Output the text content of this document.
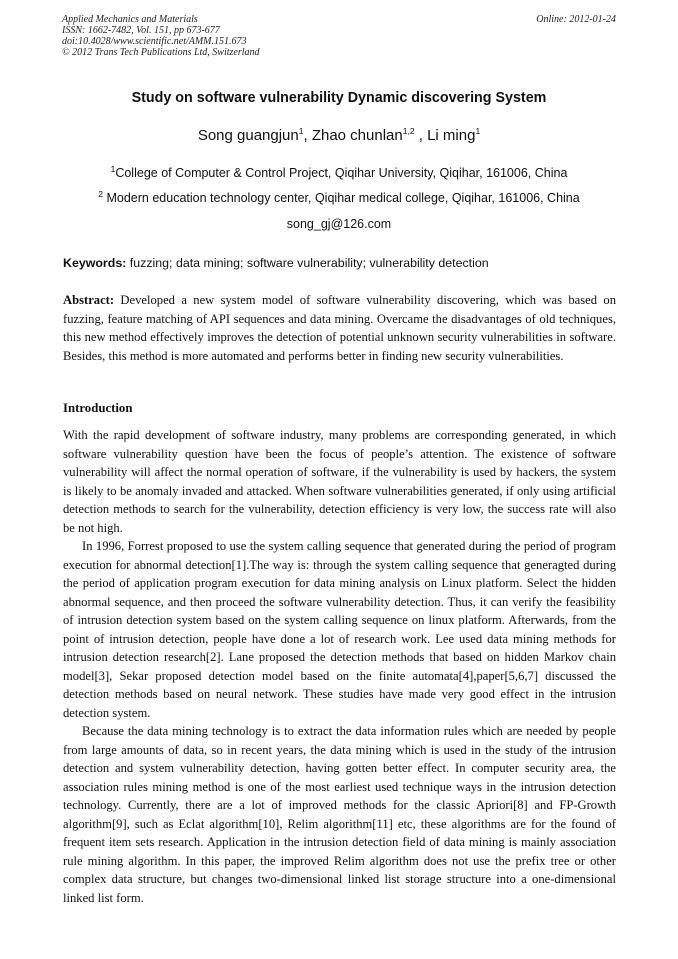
Applied Mechanics and Materials
ISSN: 1662-7482, Vol. 151, pp 673-677
doi:10.4028/www.scientific.net/AMM.151.673
© 2012 Trans Tech Publications Ltd, Switzerland
Online: 2012-01-24
Study on software vulnerability Dynamic discovering System
Song guangjun$^1$, Zhao chunlan$^{1,2}$ , Li ming$^1$
$^1$College of Computer & Control Project, Qiqihar University, Qiqihar, 161006, China
$^2$ Modern education technology center, Qiqihar medical college, Qiqihar, 161006, China
song_gj@126.com
Keywords: fuzzing; data mining; software vulnerability; vulnerability detection
Abstract: Developed a new system model of software vulnerability discovering, which was based on fuzzing, feature matching of API sequences and data mining. Overcame the disadvantages of old techniques, this new method effectively improves the detection of potential unknown security vulnerabilities in software. Besides, this method is more automated and performs better in finding new security vulnerabilities.
Introduction

With the rapid development of software industry, many problems are corresponding generated, in which software vulnerability question have been the focus of people’s attention. The existence of software vulnerability will affect the normal operation of software, if the vulnerability is used by hackers, the system is likely to be anomaly invaded and attacked. When software vulnerabilities generated, if only using artificial detection methods to search for the vulnerability, detection efficiency is very low, the success rate will also be not high.

In 1996, Forrest proposed to use the system calling sequence that generated during the period of program execution for abnormal detection[1].The way is: through the system calling sequence that generagted during the period of application program execution for data mining analysis on Linux platform. Select the hidden abnormal sequence, and then proceed the software vulnerability detection. Thus, it can verify the feasibility of intrusion detection system based on the system calling sequence on linux platform. Afterwards, from the point of intrusion detection, people have done a lot of research work. Lee used data mining methods for intrusion detection research[2]. Lane proposed the detection methods that based on hidden Markov chain model[3], Sekar proposed detection model based on the finite automata[4],paper[5,6,7] discussed the detection methods based on neural network. These studies have made very good effect in the intrusion detection system.

Because the data mining technology is to extract the data information rules which are needed by people from large amounts of data, so in recent years, the data mining which is used in the study of the intrusion detection and system vulnerability detection, having gotten better effect. In computer security area, the association rules mining method is one of the most earliest used technique ways in the intrusion detection technology. Currently, there are a lot of improved methods for the classic Apriori[8] and FP-Growth algorithm[9], such as Eclat algorithm[10], Relim algorithm[11] etc, these algorithms are for the found of frequent item sets research. Application in the intrusion detection field of data mining is mainly association rule mining algorithm. In this paper, the improved Relim algorithm does not use the prefix tree or other complex data structure, but changes two-dimensional linked list storage structure into a one-dimensional linked list form.
